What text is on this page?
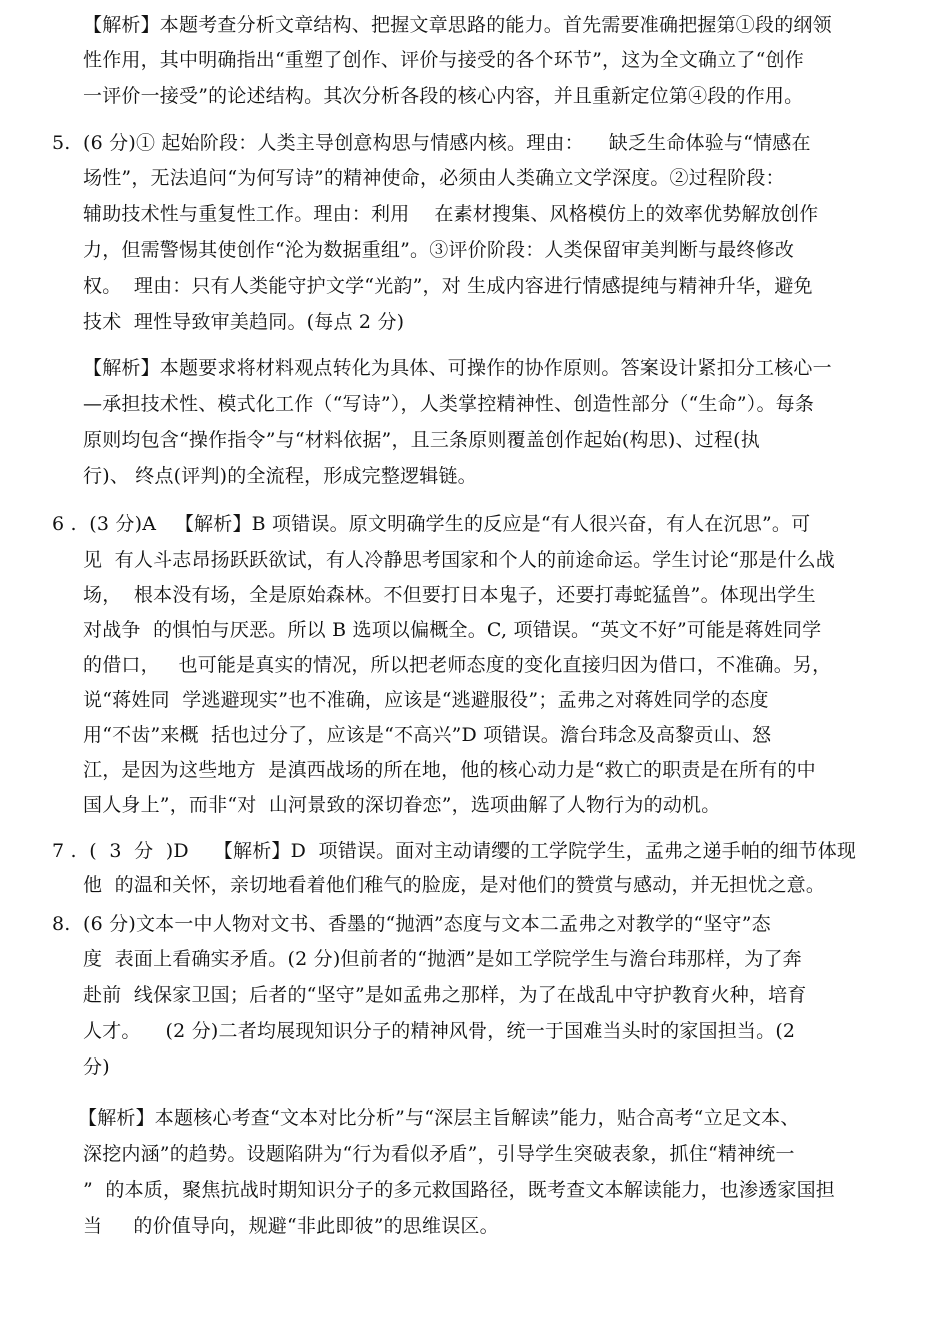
【解析】本题考查分析文章结构、把握文章思路的能力。首先需要准确把握第①段的纲领
性作用，其中明确指出“重塑了创作、评价与接受的各个环节”，这为全文确立了“创作
一评价一接受”的论述结构。其次分析各段的核心内容，并且重新定位第④段的作用。
5.  (6 分)① 起始阶段：人类主导创意构思与情感内核。理由：    缺乏生命体验与“情感在
场性”，无法追问“为何写诗”的精神使命，必须由人类确立文学深度。②过程阶段：
辅助技术性与重复性工作。理由：利用    在素材搜集、风格模仿上的效率优势解放创作
力，但需警惕其使创作“沦为数据重组”。③评价阶段：人类保留审美判断与最终修改
权。  理由：只有人类能守护文学“光韵”，对 生成内容进行情感提纯与精神升华，避免
技术  理性导致审美趋同。(每点 2 分)
【解析】本题要求将材料观点转化为具体、可操作的协作原则。答案设计紧扣分工核心一
—承担技术性、模式化工作（“写诗”），人类掌控精神性、创造性部分（“生命”）。每条
原则均包含“操作指令”与“材料依据”，且三条原则覆盖创作起始(构思)、过程(执
行)、 终点(评判)的全流程，形成完整逻辑链。
6 .  (3 分)A   【解析】B 项错误。原文明确学生的反应是“有人很兴奋，有人在沉思”。可
见  有人斗志昂扬跃跃欲试，有人冷静思考国家和个人的前途命运。学生讨论“那是什么战
场，  根本没有场，全是原始森林。不但要打日本鬼子，还要打毒蛇猛兽”。体现出学生
对战争  的惧怕与厌恶。所以 B 选项以偏概全。C, 项错误。“英文不好”可能是蒋姓同学
的借口，   也可能是真实的情况，所以把老师态度的变化直接归因为借口，不准确。另，
说“蒋姓同  学逃避现实”也不准确，应该是“逃避服役”；孟弗之对蒋姓同学的态度
用“不齿”来概  括也过分了，应该是“不高兴”D 项错误。澹台玮念及高黎贡山、怒
江，是因为这些地方  是滇西战场的所在地，他的核心动力是“救亡的职责是在所有的中
国人身上”，而非“对  山河景致的深切眷恋”，选项曲解了人物行为的动机。
7 .  (  3  分  )D    【解析】D  项错误。面对主动请缨的工学院学生，孟弗之递手帕的细节体现
他  的温和关怀，亲切地看着他们稚气的脸庞，是对他们的赞赏与感动，并无担忧之意。
8.  (6 分)文本一中人物对文书、香墨的“抛洒”态度与文本二孟弗之对教学的“坚守”态
度  表面上看确实矛盾。(2 分)但前者的“抛洒”是如工学院学生与澹台玮那样，为了奔
赴前  线保家卫国；后者的“坚守”是如孟弗之那样，为了在战乱中守护教育火种，培育
人才。    (2 分)二者均展现知识分子的精神风骨，统一于国难当头时的家国担当。(2
分)
【解析】本题核心考查“文本对比分析”与“深层主旨解读”能力，贴合高考“立足文本、
深挖内涵”的趋势。设题陷阱为“行为看似矛盾”，引导学生突破表象，抓住“精神统一
”  的本质，聚焦抗战时期知识分子的多元救国路径，既考查文本解读能力，也渗透家国担
当     的价值导向，规避“非此即彼”的思维误区。
